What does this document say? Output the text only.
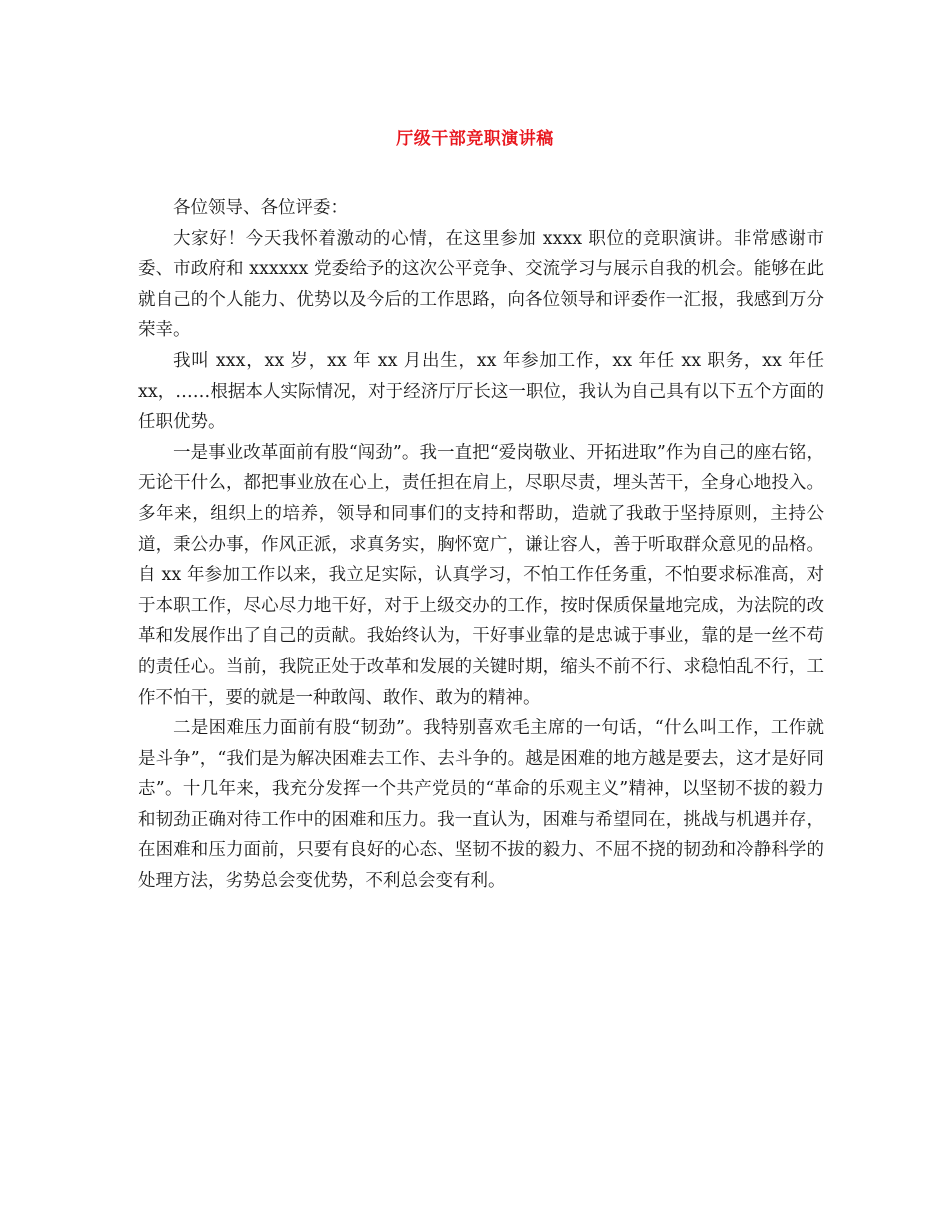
厅级干部竞职演讲稿

各位领导、各位评委：

大家好！今天我怀着激动的心情，在这里参加 xxxx 职位的竞职演讲。非常感谢市委、市政府和 xxxxxx 党委给予的这次公平竞争、交流学习与展示自我的机会。能够在此就自己的个人能力、优势以及今后的工作思路，向各位领导和评委作一汇报，我感到万分荣幸。

我叫 xxx，xx 岁，xx 年 xx 月出生，xx 年参加工作，xx 年任 xx 职务，xx 年任 xx，……根据本人实际情况，对于经济厅厅长这一职位，我认为自己具有以下五个方面的任职优势。

一是事业改革面前有股“闯劲”。我一直把“爱岗敬业、开拓进取”作为自己的座右铭，无论干什么，都把事业放在心上，责任担在肩上，尽职尽责，埋头苦干，全身心地投入。多年来，组织上的培养，领导和同事们的支持和帮助，造就了我敢于坚持原则，主持公道，秉公办事，作风正派，求真务实，胸怀宽广，谦让容人，善于听取群众意见的品格。自 xx 年参加工作以来，我立足实际，认真学习，不怕工作任务重，不怕要求标准高，对于本职工作，尽心尽力地干好，对于上级交办的工作，按时保质保量地完成，为法院的改革和发展作出了自己的贡献。我始终认为，干好事业靠的是忠诚于事业，靠的是一丝不苟的责任心。当前，我院正处于改革和发展的关键时期，缩头不前不行、求稳怕乱不行，工作不怕干，要的就是一种敢闯、敢作、敢为的精神。

二是困难压力面前有股“韧劲”。我特别喜欢毛主席的一句话，“什么叫工作，工作就是斗争”，“我们是为解决困难去工作、去斗争的。越是困难的地方越是要去，这才是好同志”。十几年来，我充分发挥一个共产党员的“革命的乐观主义”精神，以坚韧不拔的毅力和韧劲正确对待工作中的困难和压力。我一直认为，困难与希望同在，挑战与机遇并存，在困难和压力面前，只要有良好的心态、坚韧不拔的毅力、不屈不挠的韧劲和冷静科学的处理方法，劣势总会变优势，不利总会变有利。
